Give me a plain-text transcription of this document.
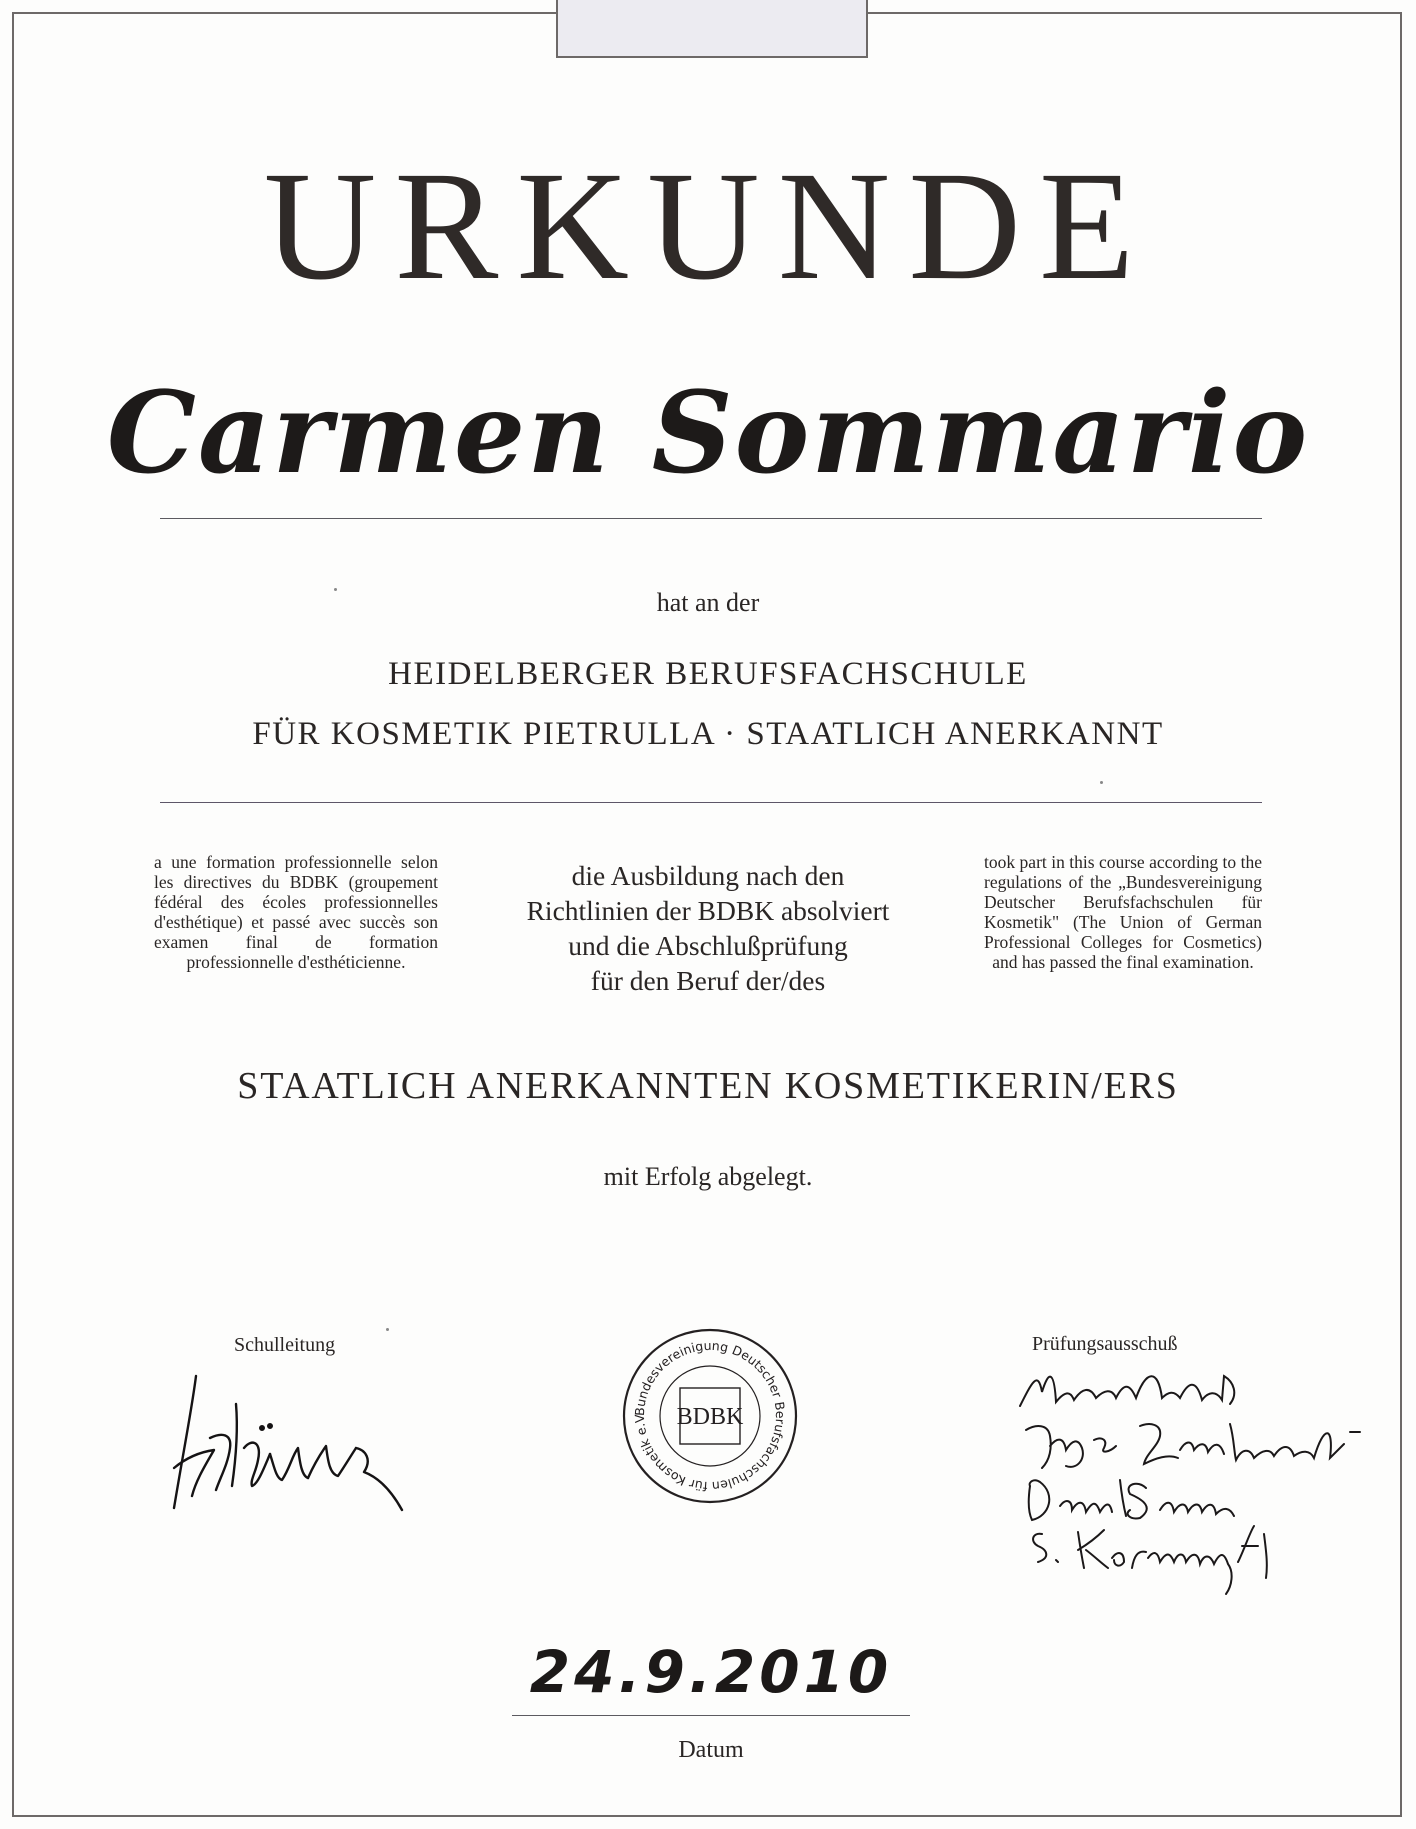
URKUNDE
Carmen Sommario
hat an der
HEIDELBERGER BERUFSFACHSCHULE
FÜR KOSMETIK PIETRULLA · STAATLICH ANERKANNT
a une formation professionnelle selon les directives du BDBK (groupement fédéral des écoles professionnelles d'esthétique) et passé avec succès son examen final de formation professionnelle d'esthéticienne.
die Ausbildung nach den
Richtlinien der BDBK absolviert
und die Abschlußprüfung
für den Beruf der/des
took part in this course according to the regulations of the „Bundesvereinigung Deutscher Berufsfachschulen für Kosmetik" (The Union of German Professional Colleges for Cosmetics) and has passed the final examination.
STAATLICH ANERKANNTEN KOSMETIKERIN/ERS
mit Erfolg abgelegt.
Schulleitung	Prüfungsausschuß
Bundesvereinigung Deutscher Berufsfachschulen für Kosmetik e.V	BDBK
24.9.2010
Datum
